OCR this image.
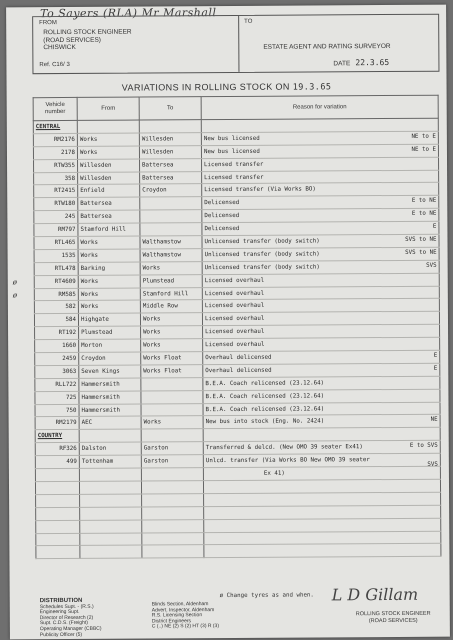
To Sayers (RLA) Mr Marshall
FROM	TO
ROLLING STOCK ENGINEER
(ROAD SERVICES)
CHISWICK
Ref. C16/ 3
ESTATE AGENT AND RATING SURVEYOR
DATE 22.3.65
VARIATIONS IN ROLLING STOCK ON 19.3.65
Vehicle number	From	To	Reason for variation
CENTRAL			
RM2176	Works	Willesden	New bus licensed NE to E

2178	Works	Willesden	New bus licensed NE to E

RTW355	Willesden	Battersea	Licensed transfer
358	Willesden	Battersea	Licensed transfer
RT2415	Enfield	Croydon	Licensed transfer (Via Works BO)
RTW180	Battersea		Delicensed E to NE

245	Battersea		Delicensed E to NE

RM797	Stamford Hill		Delicensed E

RTL465	Works	Walthamstow	Unlicensed transfer (body switch) SVS to NE

1535	Works	Walthamstow	Unlicensed transfer (body switch) SVS to NE

RTL478	Barking	Works	Unlicensed transfer (body switch) SVS

ø RT4609	Works	Plumstead	Licensed overhaul

ø RM585	Works	Stamford Hill	Licensed overhaul
582	Works	Middle Row	Licensed overhaul
584	Highgate	Works	Licensed overhaul
RT192	Plumstead	Works	Licensed overhaul
1660	Morton	Works	Licensed overhaul
2459	Croydon	Works Float	Overhaul delicensed E

3063	Seven Kings	Works Float	Overhaul delicensed E

RLL722	Hammersmith		B.E.A. Coach relicensed (23.12.64)
725	Hammersmith		B.E.A. Coach relicensed (23.12.64)
750	Hammersmith		B.E.A. Coach relicensed (23.12.64)
RM2179	AEC	Works	New bus into stock (Eng. No. 2424) NE

COUNTRY			
RF326	Dalston	Garston	Transferred & delcd. (New OMO 39 seater Ex41) E to SVS

499	Tottenham	Garston	Unlcd. transfer (Via Works BO New OMO 39 seater
SVS

			Ex 41)

ø Change tyres as and when.
DISTRIBUTION
Schedules Supt. - (R.S.)
Engineering Supt.
Director of Research (2)
Supt. C.D.S. (Freight)
Operating Manager (CBBC)
Publicity Officer (5)
Blinds Section, Aldenham
Advert. Inspector, Aldenham
R.S. Licensing Section
District Engineers
C (..) NE (2) S (2) HT (3) R (3)
L D Gillam
ROLLING STOCK ENGINEER
(ROAD SERVICES)
